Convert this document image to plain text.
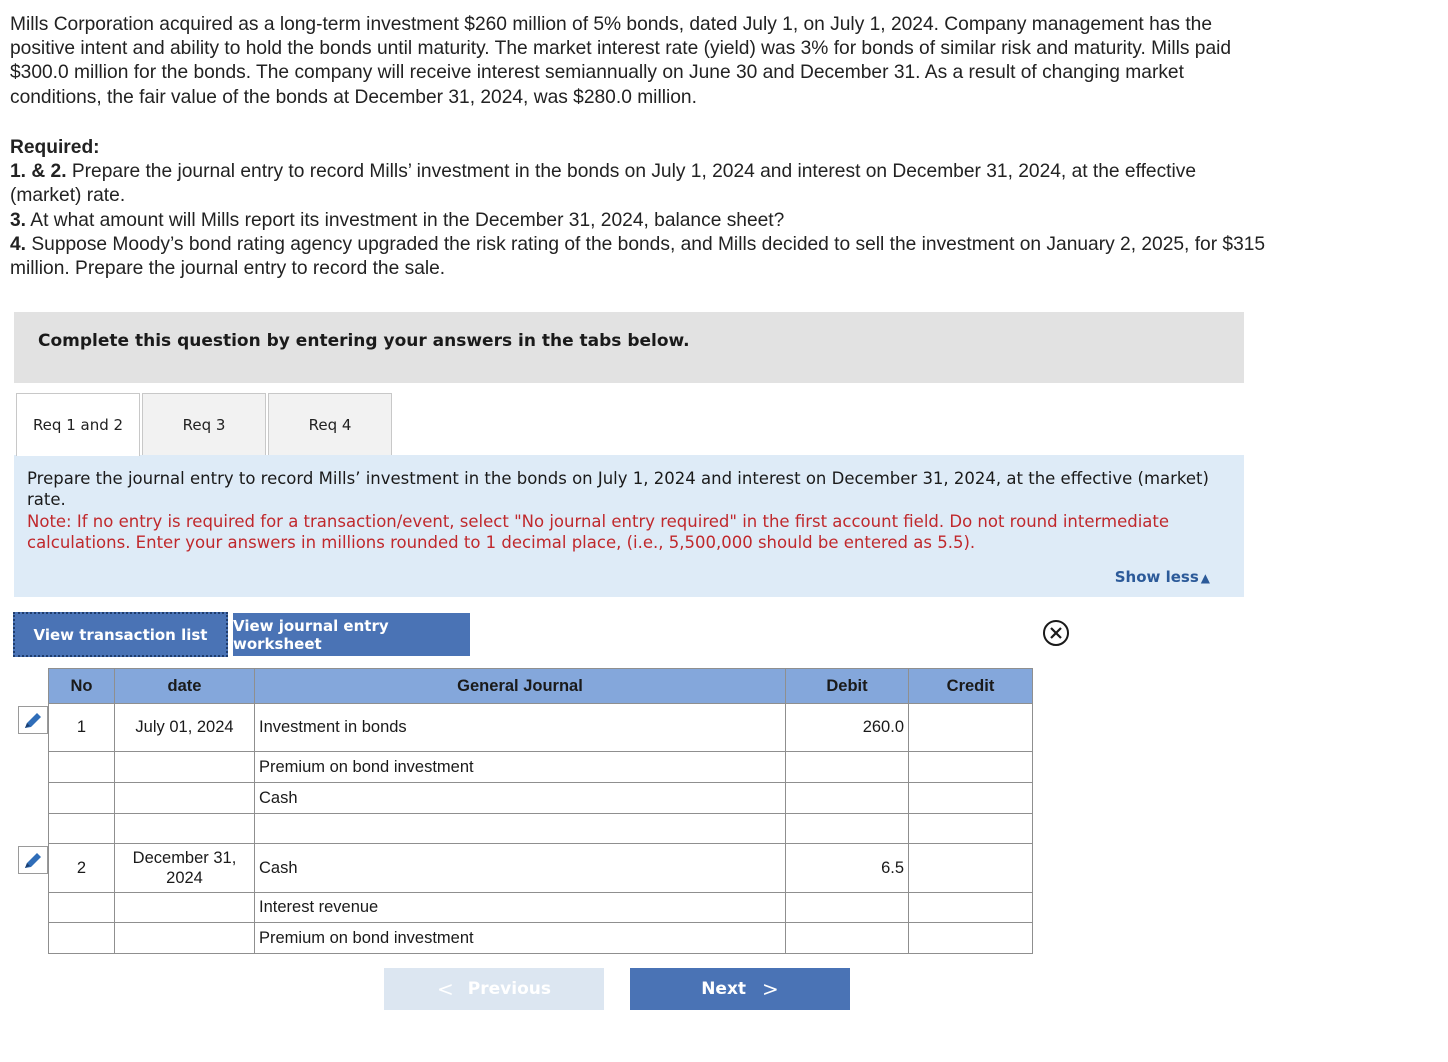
Mills Corporation acquired as a long-term investment $260 million of 5% bonds, dated July 1, on July 1, 2024. Company management has the positive intent and ability to hold the bonds until maturity. The market interest rate (yield) was 3% for bonds of similar risk and maturity. Mills paid $300.0 million for the bonds. The company will receive interest semiannually on June 30 and December 31. As a result of changing market conditions, the fair value of the bonds at December 31, 2024, was $280.0 million.
Required:
1. & 2. Prepare the journal entry to record Mills’ investment in the bonds on July 1, 2024 and interest on December 31, 2024, at the effective (market) rate.
3. At what amount will Mills report its investment in the December 31, 2024, balance sheet?
4. Suppose Moody’s bond rating agency upgraded the risk rating of the bonds, and Mills decided to sell the investment on January 2, 2025, for $315 million. Prepare the journal entry to record the sale.
Complete this question by entering your answers in the tabs below.
Req 1 and 2	Req 3	Req 4
Prepare the journal entry to record Mills’ investment in the bonds on July 1, 2024 and interest on December 31, 2024, at the effective (market) rate.
Note: If no entry is required for a transaction/event, select "No journal entry required" in the first account field. Do not round intermediate calculations. Enter your answers in millions rounded to 1 decimal place, (i.e., 5,500,000 should be entered as 5.5).
Show less ▲
View transaction list	View journal entry worksheet
No	date	General Journal	Debit	Credit
1	July 01, 2024	Investment in bonds	260.0	
		Premium on bond investment		
		Cash		

2	December 31, 2024	Cash	6.5	
		Interest revenue		
		Premium on bond investment		
< Previous	Next >
